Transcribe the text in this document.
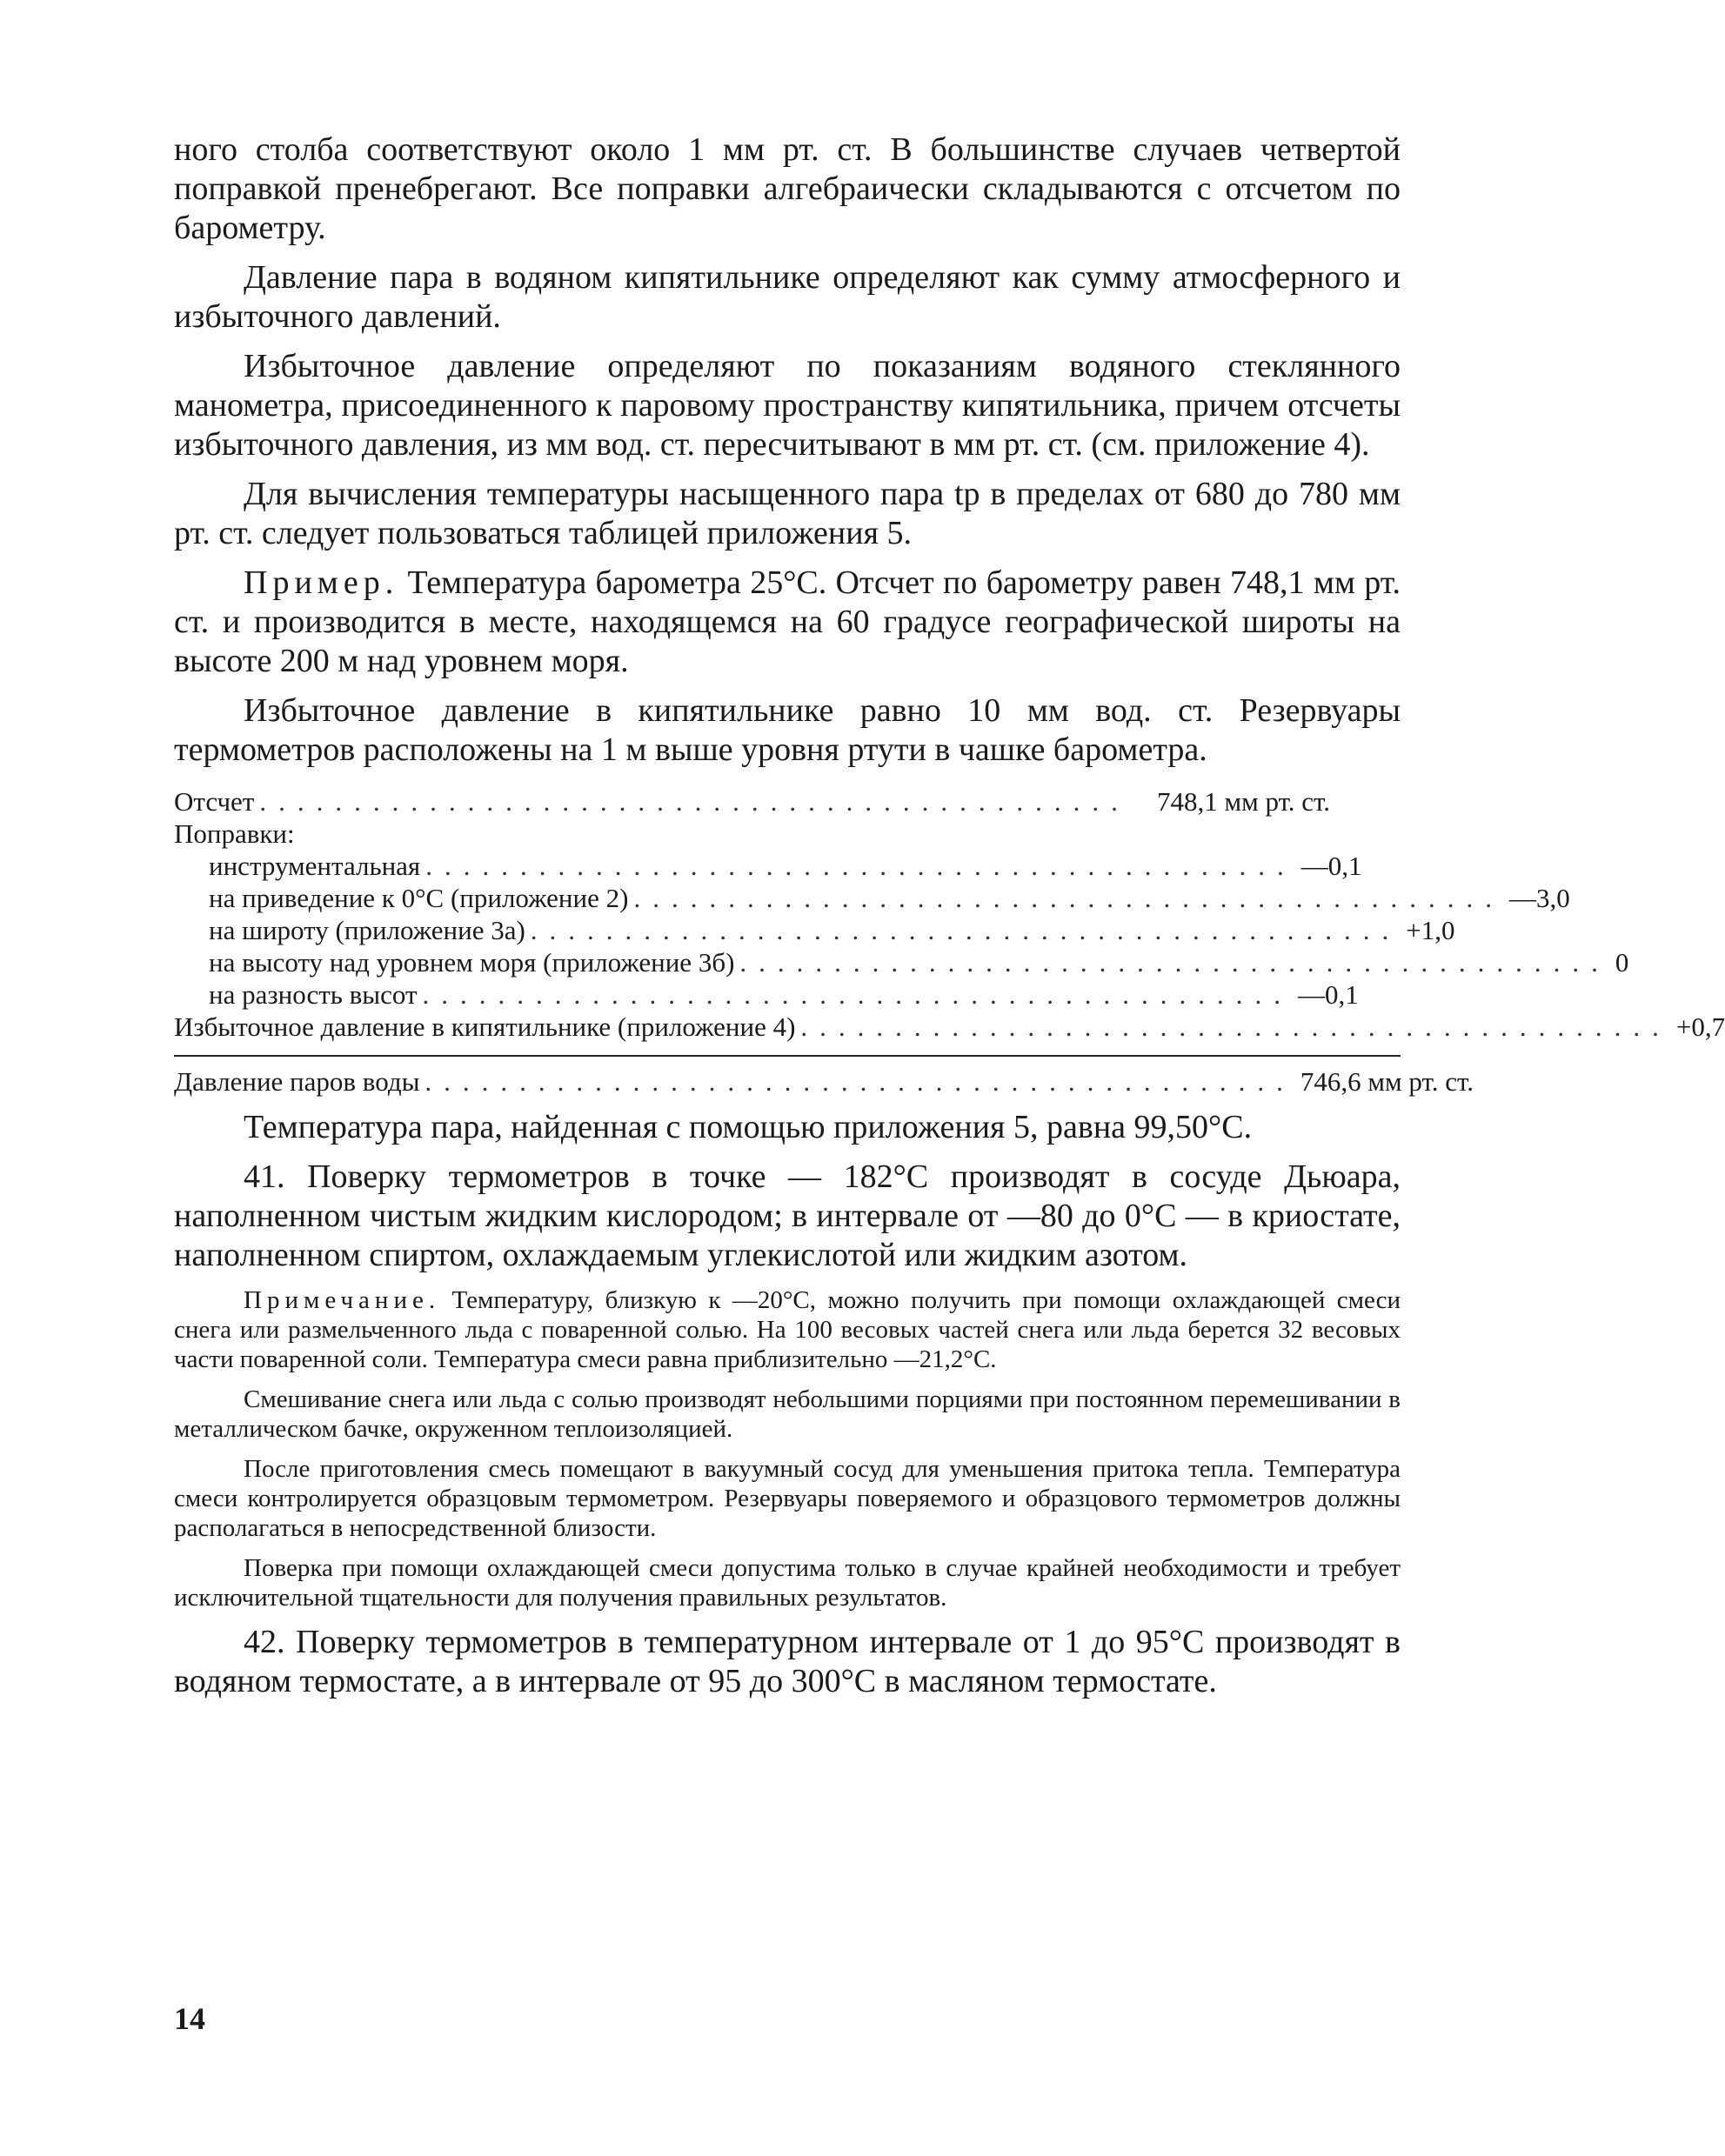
ного столба соответствуют около 1 мм рт. ст. В большинстве случаев четвертой поправкой пренебрегают. Все поправки алгебраически складываются с отсчетом по барометру.

Давление пара в водяном кипятильнике определяют как сумму атмосферного и избыточного давлений.

Избыточное давление определяют по показаниям водяного стеклянного манометра, присоединенного к паровому пространству кипятильника, причем отсчеты избыточного давления, из мм вод. ст. пересчитывают в мм рт. ст. (см. приложение 4).

Для вычисления температуры насыщенного пара tp в пределах от 680 до 780 мм рт. ст. следует пользоваться таблицей приложения 5.

Пример. Температура барометра 25°С. Отсчет по барометру равен 748,1 мм рт. ст. и производится в месте, находящемся на 60 градусе географической широты на высоте 200 м над уровнем моря.

Избыточное давление в кипятильнике равно 10 мм вод. ст. Резервуары термометров расположены на 1 м выше уровня ртути в чашке барометра.

Отсчет ..............................................	748,1 мм рт. ст.
Поправки:
инструментальная .............................................. —0,1
на приведение к 0°С (приложение 2) .............................................. —3,0
на широту (приложение 3а) .............................................. +1,0
на высоту над уровнем моря (приложение 3б) .............................................. 0
на разность высот .............................................. —0,1
Избыточное давление в кипятильнике (приложение 4) .............................................. +0,7
Давление паров воды .............................................. 746,6 мм рт. ст.

Температура пара, найденная с помощью приложения 5, равна 99,50°С.

41. Поверку термометров в точке — 182°С производят в сосуде Дьюара, наполненном чистым жидким кислородом; в интервале от —80 до 0°С — в криостате, наполненном спиртом, охлаждаемым углекислотой или жидким азотом.

Примечание. Температуру, близкую к —20°С, можно получить при помощи охлаждающей смеси снега или размельченного льда с поваренной солью. На 100 весовых частей снега или льда берется 32 весовых части поваренной соли. Температура смеси равна приблизительно —21,2°С.

Смешивание снега или льда с солью производят небольшими порциями при постоянном перемешивании в металлическом бачке, окруженном теплоизоляцией.

После приготовления смесь помещают в вакуумный сосуд для уменьшения притока тепла. Температура смеси контролируется образцовым термометром. Резервуары поверяемого и образцового термометров должны располагаться в непосредственной близости.

Поверка при помощи охлаждающей смеси допустима только в случае крайней необходимости и требует исключительной тщательности для получения правильных результатов.

42. Поверку термометров в температурном интервале от 1 до 95°С производят в водяном термостате, а в интервале от 95 до 300°С в масляном термостате.

14
